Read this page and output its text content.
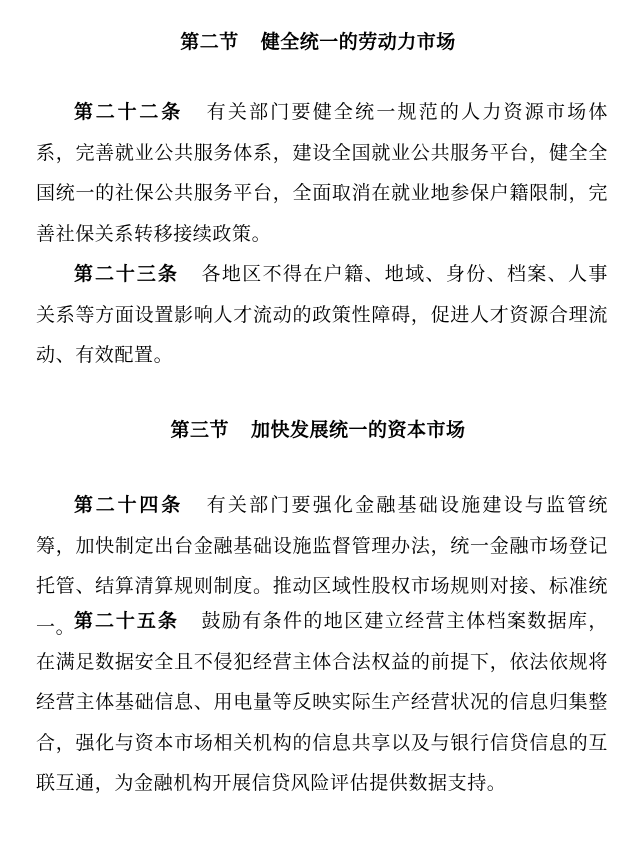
第二节 健全统一的劳动力市场

第二十二条 有关部门要健全统一规范的人力资源市场体系，完善就业公共服务体系，建设全国就业公共服务平台，健全全国统一的社保公共服务平台，全面取消在就业地参保户籍限制，完善社保关系转移接续政策。

第二十三条 各地区不得在户籍、地域、身份、档案、人事关系等方面设置影响人才流动的政策性障碍，促进人才资源合理流动、有效配置。

第三节 加快发展统一的资本市场

第二十四条 有关部门要强化金融基础设施建设与监管统筹，加快制定出台金融基础设施监督管理办法，统一金融市场登记托管、结算清算规则制度。推动区域性股权市场规则对接、标准统一。

第二十五条 鼓励有条件的地区建立经营主体档案数据库，在满足数据安全且不侵犯经营主体合法权益的前提下，依法依规将经营主体基础信息、用电量等反映实际生产经营状况的信息归集整合，强化与资本市场相关机构的信息共享以及与银行信贷信息的互联互通，为金融机构开展信贷风险评估提供数据支持。
